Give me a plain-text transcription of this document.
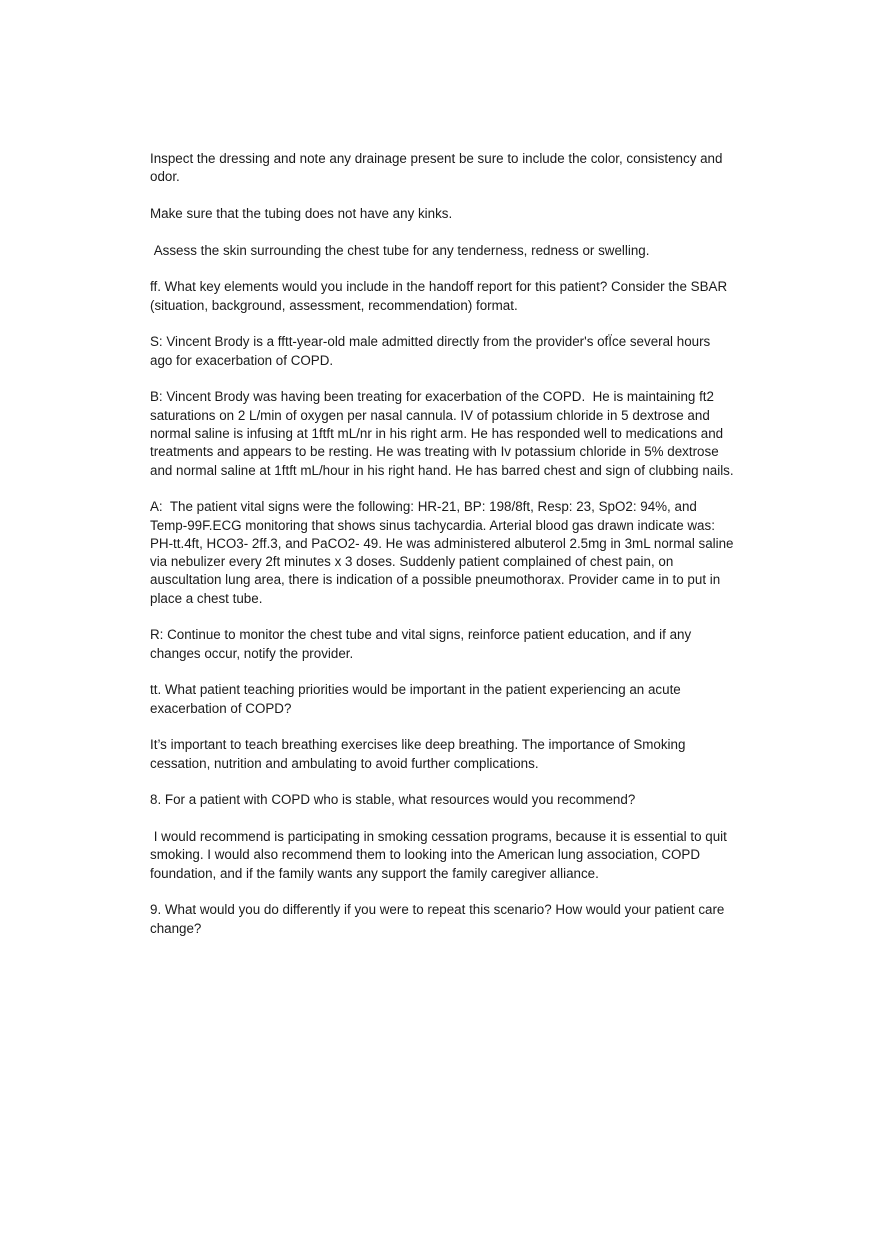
Inspect the dressing and note any drainage present be sure to include the color, consistency and odor.

Make sure that the tubing does not have any kinks.

Assess the skin surrounding the chest tube for any tenderness, redness or swelling.

ff. What key elements would you include in the handoff report for this patient? Consider the SBAR (situation, background, assessment, recommendation) format.

S: Vincent Brody is a fftt-year-old male admitted directly from the provider's ofÏce several hours ago for exacerbation of COPD.

B: Vincent Brody was having been treating for exacerbation of the COPD.  He is maintaining ft2 saturations on 2 L/min of oxygen per nasal cannula. IV of potassium chloride in 5 dextrose and normal saline is infusing at 1ftft mL/nr in his right arm. He has responded well to medications and treatments and appears to be resting. He was treating with Iv potassium chloride in 5% dextrose and normal saline at 1ftft mL/hour in his right hand. He has barred chest and sign of clubbing nails.

A:  The patient vital signs were the following: HR-21, BP: 198/8ft, Resp: 23, SpO2: 94%, and Temp-99F.ECG monitoring that shows sinus tachycardia. Arterial blood gas drawn indicate was: PH-tt.4ft, HCO3- 2ff.3, and PaCO2- 49. He was administered albuterol 2.5mg in 3mL normal saline via nebulizer every 2ft minutes x 3 doses. Suddenly patient complained of chest pain, on auscultation lung area, there is indication of a possible pneumothorax. Provider came in to put in place a chest tube.

R: Continue to monitor the chest tube and vital signs, reinforce patient education, and if any changes occur, notify the provider.

tt. What patient teaching priorities would be important in the patient experiencing an acute exacerbation of COPD?

It’s important to teach breathing exercises like deep breathing. The importance of Smoking cessation, nutrition and ambulating to avoid further complications.

8. For a patient with COPD who is stable, what resources would you recommend?

I would recommend is participating in smoking cessation programs, because it is essential to quit smoking. I would also recommend them to looking into the American lung association, COPD foundation, and if the family wants any support the family caregiver alliance.

9. What would you do differently if you were to repeat this scenario? How would your patient care change?
